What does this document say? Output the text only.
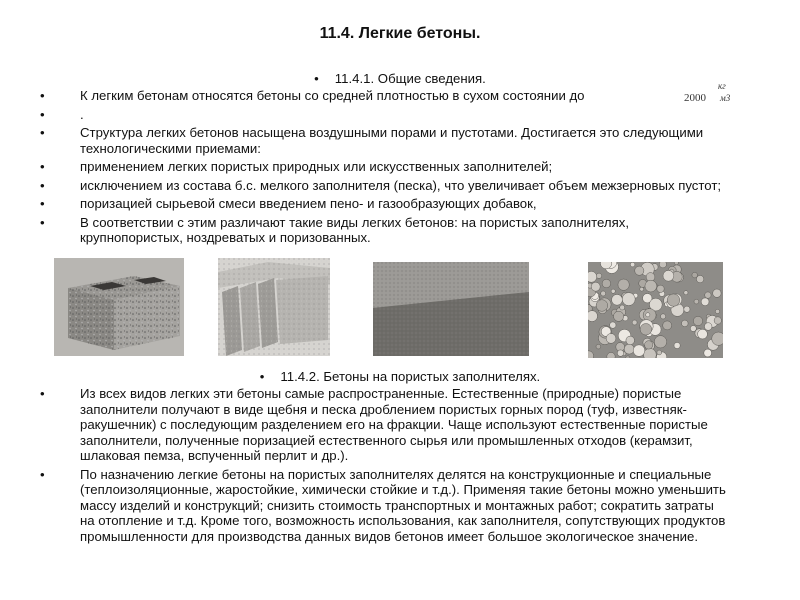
11.4. Легкие бетоны.
• 11.4.1. Общие сведения.
• К легким бетонам относятся бетоны со средней плотностью в сухом состоянии до
• .
• Структура легких бетонов насыщена воздушными порами и пустотами. Достигается это следующими технологическими приемами:
• применением легких пористых природных или искусственных заполнителей;
• исключением из состава б.с. мелкого заполнителя (песка), что увеличивает объем межзерновых пустот;
• поризацией сырьевой смеси введением пено- и газообразующих добавок,
• В соответствии с этим различают такие виды легких бетонов: на пористых заполнителях, крупнопористых, ноздреватых и поризованных.
2000
кг
м3
• 11.4.2. Бетоны на пористых заполнителях.
• Из всех видов легких эти бетоны самые распространенные. Естественные (природные) пористые заполнители получают в виде щебня и песка дроблением пористых горных пород (туф, известняк-ракушечник) с последующим разделением его на фракции. Чаще используют естественные пористые заполнители, полученные поризацией естественного сырья или промышленных отходов (керамзит, шлаковая пемза, вспученный перлит и др.).
• По назначению легкие бетоны на пористых заполнителях делятся на конструкционные и специальные (теплоизоляционные, жаростойкие, химически стойкие и т.д.). Применяя такие бетоны можно уменьшить массу изделий и конструкций; снизить стоимость транспортных и монтажных работ; сократить затраты на отопление и т.д. Кроме того, возможность использования, как заполнителя, сопутствующих продуктов промышленности для производства данных видов бетонов имеет большое экологическое значение.
